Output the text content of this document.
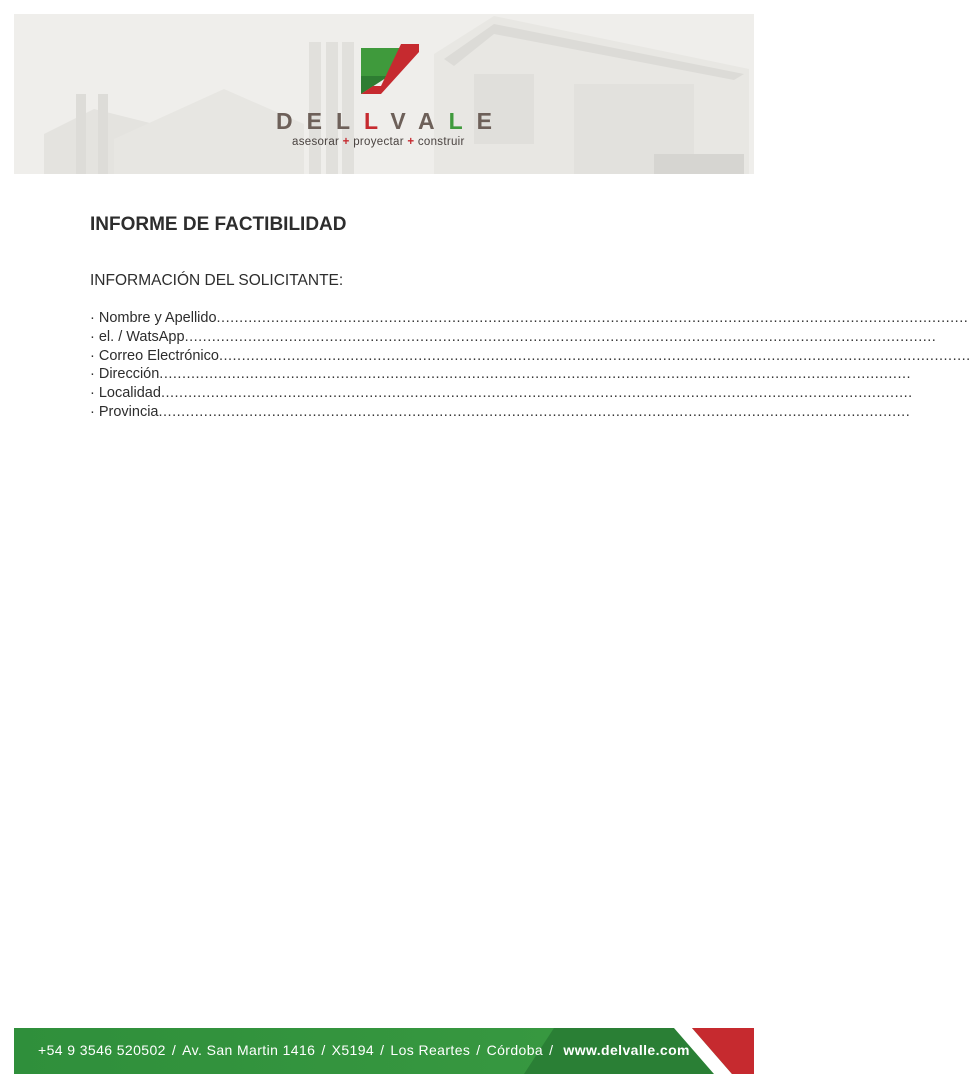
DELLVALE
asesorar + proyectar + construir
INFORME DE FACTIBILIDAD
INFORMACIÓN DEL SOLICITANTE:
· Nombre y Apellido ......................................................................................................................................................................
· el. / WatsApp ......................................................................................................................................................................
· Correo Electrónico ......................................................................................................................................................................
· Dirección ......................................................................................................................................................................
· Localidad ......................................................................................................................................................................
· Provincia ......................................................................................................................................................................
+54 9 3546 520502 / Av. San Martin 1416 / X5194 / Los Reartes / Córdoba / www.delvalle.com
